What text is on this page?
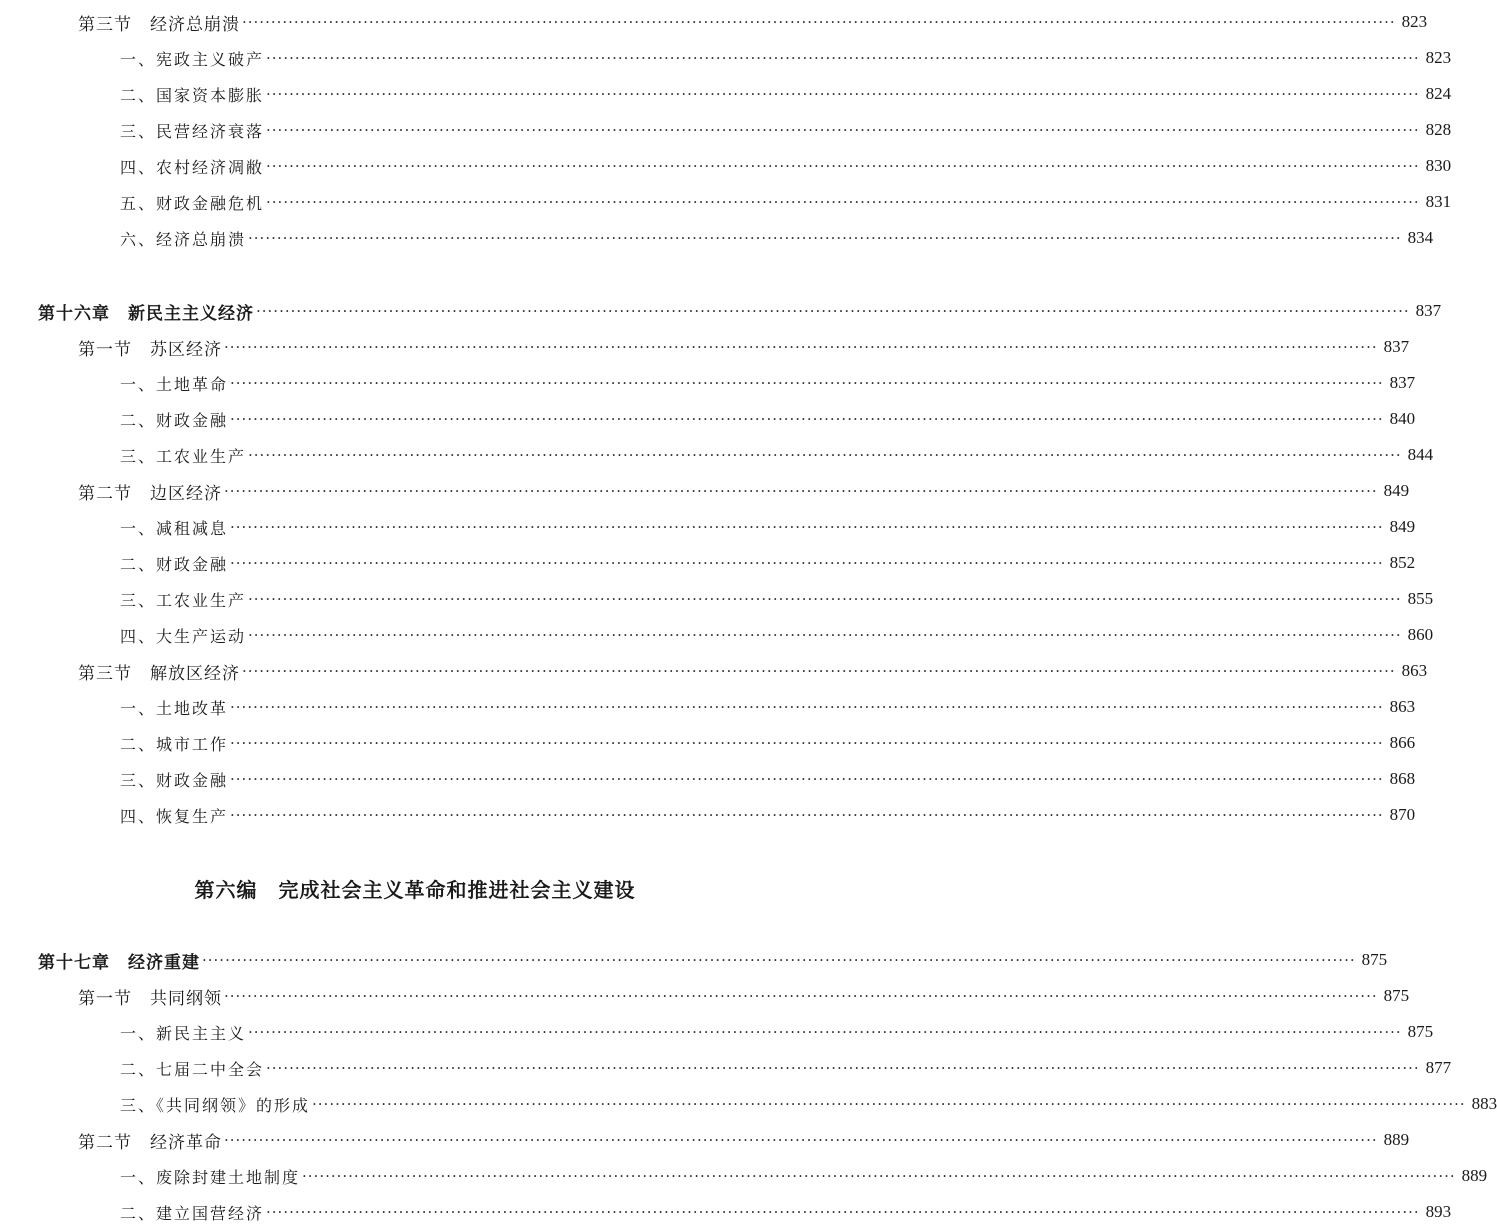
第三节　经济总崩溃 ········································································································································································································ 823
一、宪政主义破产 ········································································································································································································ 823
二、国家资本膨胀 ········································································································································································································ 824
三、民营经济衰落 ········································································································································································································ 828
四、农村经济凋敝 ········································································································································································································ 830
五、财政金融危机 ········································································································································································································ 831
六、经济总崩溃 ········································································································································································································ 834
第十六章　新民主主义经济 ········································································································································································································ 837
第一节　苏区经济 ········································································································································································································ 837
一、土地革命 ········································································································································································································ 837
二、财政金融 ········································································································································································································ 840
三、工农业生产 ········································································································································································································ 844
第二节　边区经济 ········································································································································································································ 849
一、减租减息 ········································································································································································································ 849
二、财政金融 ········································································································································································································ 852
三、工农业生产 ········································································································································································································ 855
四、大生产运动 ········································································································································································································ 860
第三节　解放区经济 ········································································································································································································ 863
一、土地改革 ········································································································································································································ 863
二、城市工作 ········································································································································································································ 866
三、财政金融 ········································································································································································································ 868
四、恢复生产 ········································································································································································································ 870
第六编　完成社会主义革命和推进社会主义建设
第十七章　经济重建 ········································································································································································································ 875
第一节　共同纲领 ········································································································································································································ 875
一、新民主主义 ········································································································································································································ 875
二、七届二中全会 ········································································································································································································ 877
三、《共同纲领》的形成 ········································································································································································································ 883
第二节　经济革命 ········································································································································································································ 889
一、废除封建土地制度 ········································································································································································································ 889
二、建立国营经济 ········································································································································································································ 893
